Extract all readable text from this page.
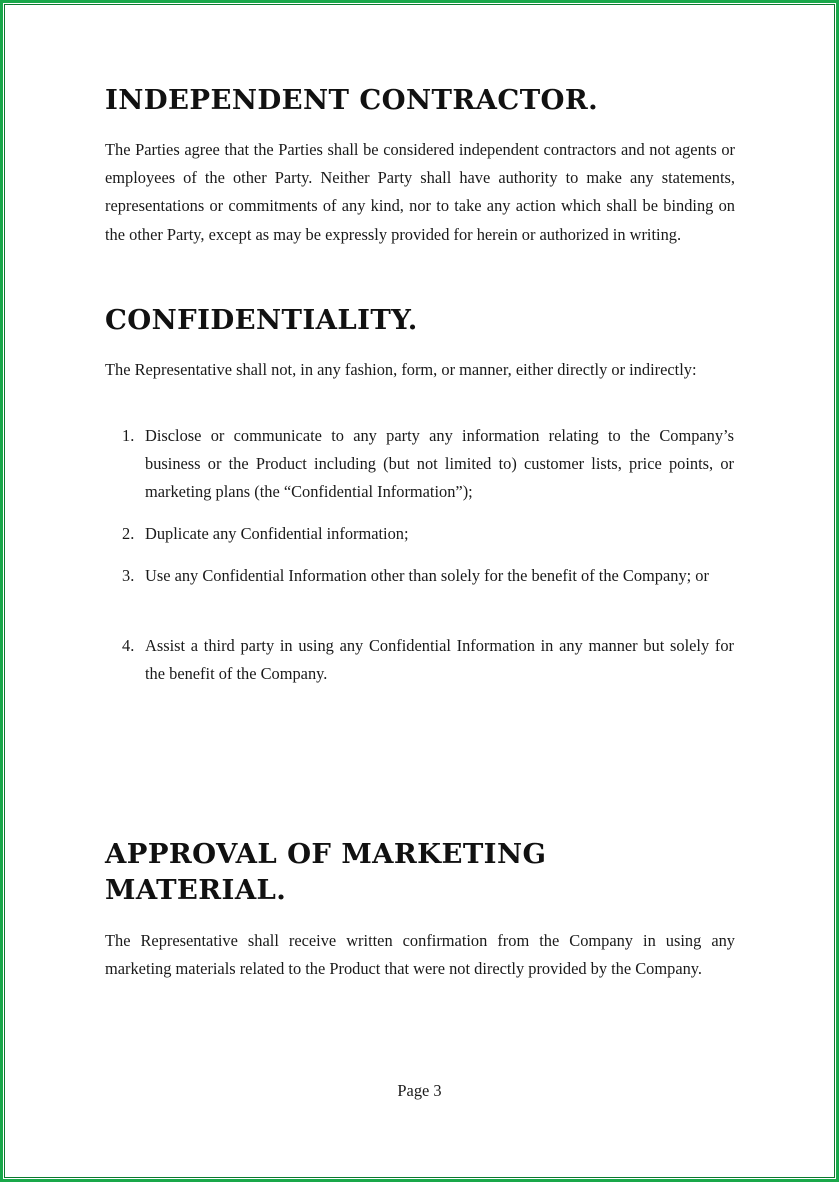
INDEPENDENT CONTRACTOR.

The Parties agree that the Parties shall be considered independent contractors and not agents or employees of the other Party. Neither Party shall have authority to make any statements, representations or commitments of any kind, nor to take any action which shall be binding on the other Party, except as may be expressly provided for herein or authorized in writing.

CONFIDENTIALITY.

The Representative shall not, in any fashion, form, or manner, either directly or indirectly:

1. Disclose or communicate to any party any information relating to the Company’s business or the Product including (but not limited to) customer lists, price points, or marketing plans (the “Confidential Information”);
2. Duplicate any Confidential information;
3. Use any Confidential Information other than solely for the benefit of the Company; or
4. Assist a third party in using any Confidential Information in any manner but solely for the benefit of the Company.
APPROVAL OF MARKETING
MATERIAL.

The Representative shall receive written confirmation from the Company in using any marketing materials related to the Product that were not directly provided by the Company.

Page 3
